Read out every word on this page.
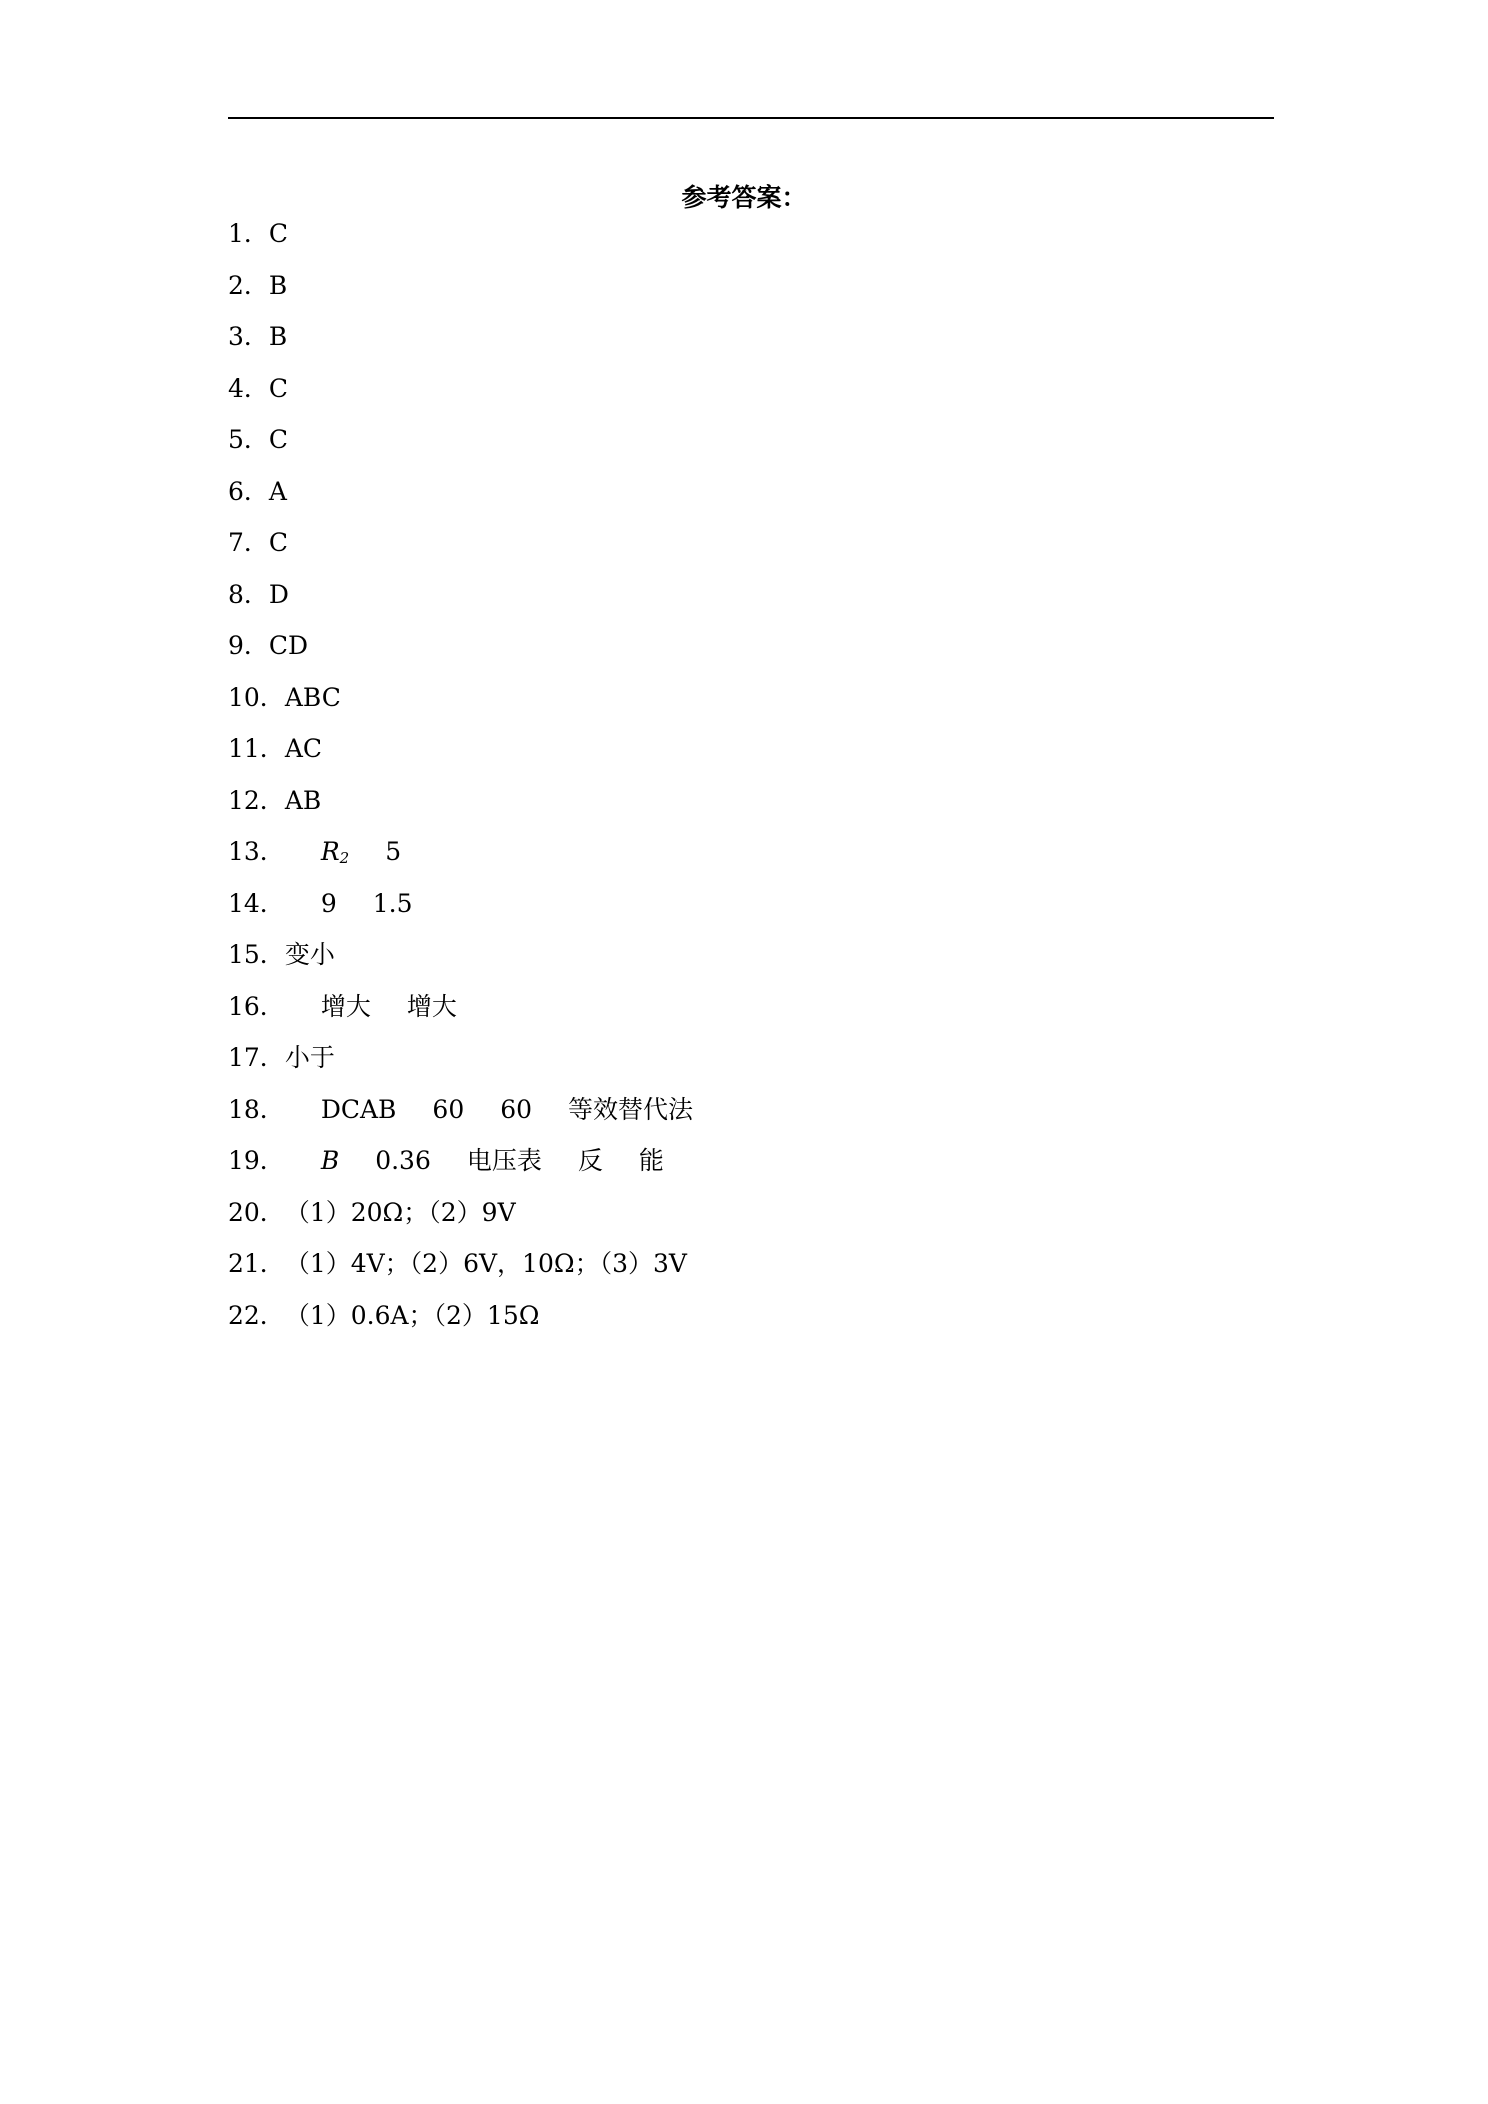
参考答案：
1．C
2．B
3．B
4．C
5．C
6．A
7．C
8．D
9．CD
10．ABC
11．AC
12．AB
13． $R_2$ 5
14． 9 1.5
15．变小
16． 增大 增大
17．小于
18． DCAB 60 60 等效替代法
19． B 0.36 电压表 反 能
20．（1）20Ω；（2）9V
21．（1）4V；（2）6V，10Ω；（3）3V
22．（1）0.6A；（2）15Ω
